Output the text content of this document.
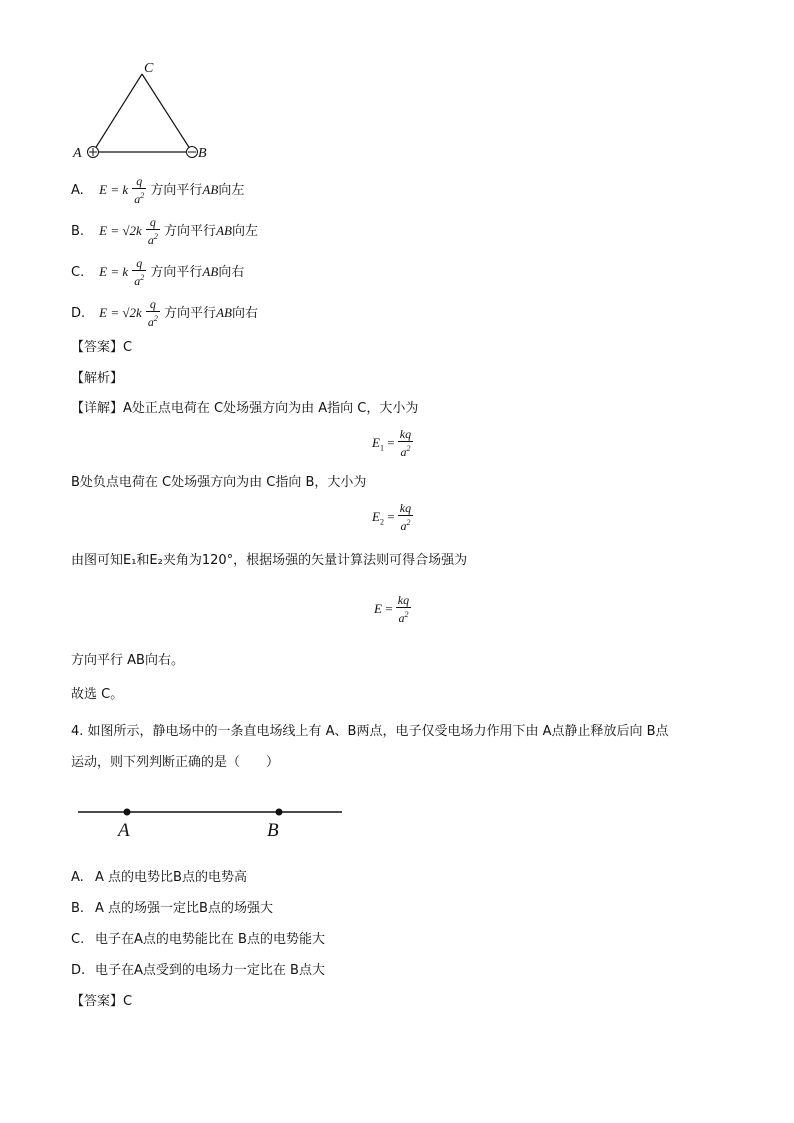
C
A	B
A. E = k $\frac{q}{a^2}$ 方向平行AB向左
B. $E = √2k \frac{q}{a^2}$ 方向平行AB向左
C. E = k $\frac{q}{a^2}$ 方向平行AB向右
D. $E = √2k \frac{q}{a^2}$ 方向平行AB向右
【答案】C
【解析】
【详解】A处正点电荷在 C处场强方向为由 A指向 C，大小为
$E_1 = \frac{kq}{a^2}$
B处负点电荷在 C处场强方向为由 C指向 B，大小为
$E_2 = \frac{kq}{a^2}$
由图可知E₁和E₂夹角为120°，根据场强的矢量计算法则可得合场强为
$E = \frac{kq}{a^2}$
方向平行 AB向右。
故选 C。
4. 如图所示，静电场中的一条直电场线上有 A、B两点，电子仅受电场力作用下由 A点静止释放后向 B点
运动，则下列判断正确的是（　　）
A	B
A. A 点的电势比B点的电势高
B. A 点的场强一定比B点的场强大
C. 电子在A点的电势能比在 B点的电势能大
D. 电子在A点受到的电场力一定比在 B点大
【答案】C
